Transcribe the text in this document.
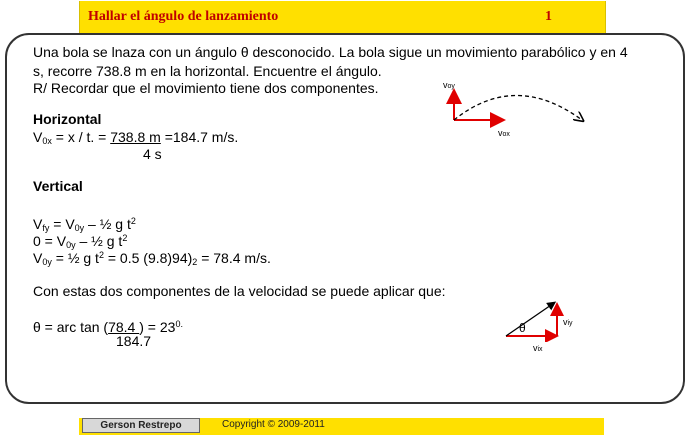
Hallar el ángulo de lanzamiento	1
Una bola se lnaza con un ángulo θ desconocido. La bola sigue un movimiento parabólico y en 4
s, recorre 738.8 m en la horizontal. Encuentre el ángulo.
R/ Recordar que el movimiento tiene dos componentes.
Horizontal
$V_{0x} = x / t$. = 738.8 m =184.7 m/s.
4 s
Vertical
$V_{fy} = V_{0y}$ – ½ g $t^2$
$0 = V_{0y}$ – ½ g $t^2$
$V_{0y}$ = ½ g $t^2 = 0.5$ $(9.8)94)_2 = 78.4$ m/s.
Con estas dos componentes de la velocidad se puede aplicar que:
θ = arc tan (78.4 ) = $23^{0.}$
184.7
voy
vox
θ	viy
vix
Gerson Restrepo	Copyright © 2009-2011
